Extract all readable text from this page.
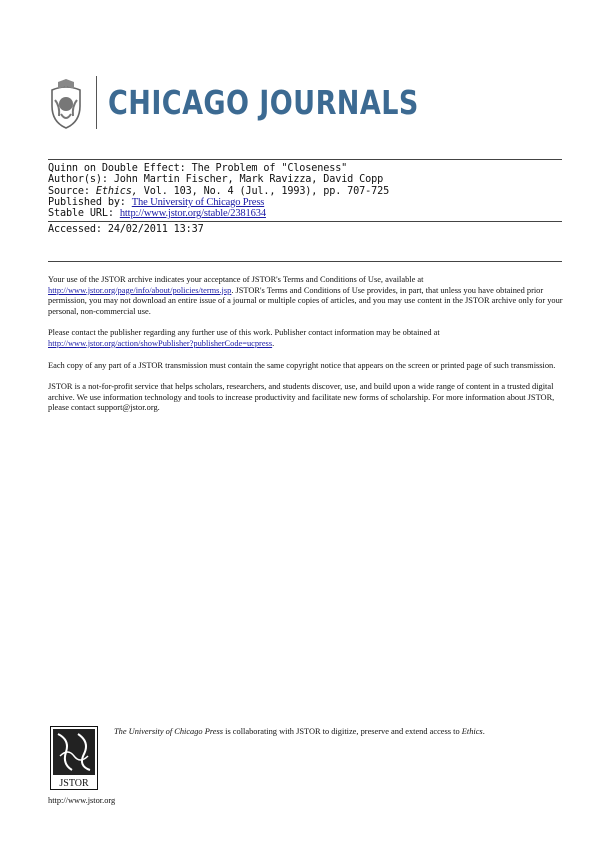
CHICAGO JOURNALS
Quinn on Double Effect: The Problem of "Closeness"
Author(s): John Martin Fischer, Mark Ravizza, David Copp
Source: Ethics, Vol. 103, No. 4 (Jul., 1993), pp. 707-725
Published by: The University of Chicago Press
Stable URL: http://www.jstor.org/stable/2381634
Accessed: 24/02/2011 13:37

Your use of the JSTOR archive indicates your acceptance of JSTOR's Terms and Conditions of Use, available at
http://www.jstor.org/page/info/about/policies/terms.jsp. JSTOR's Terms and Conditions of Use provides, in part, that unless you have obtained prior permission, you may not download an entire issue of a journal or multiple copies of articles, and you may use content in the JSTOR archive only for your personal, non-commercial use.

Please contact the publisher regarding any further use of this work. Publisher contact information may be obtained at
http://www.jstor.org/action/showPublisher?publisherCode=ucpress.

Each copy of any part of a JSTOR transmission must contain the same copyright notice that appears on the screen or printed page of such transmission.

JSTOR is a not-for-profit service that helps scholars, researchers, and students discover, use, and build upon a wide range of content in a trusted digital archive. We use information technology and tools to increase productivity and facilitate new forms of scholarship. For more information about JSTOR, please contact support@jstor.org.

JSTOR
The University of Chicago Press is collaborating with JSTOR to digitize, preserve and extend access to Ethics.
http://www.jstor.org
